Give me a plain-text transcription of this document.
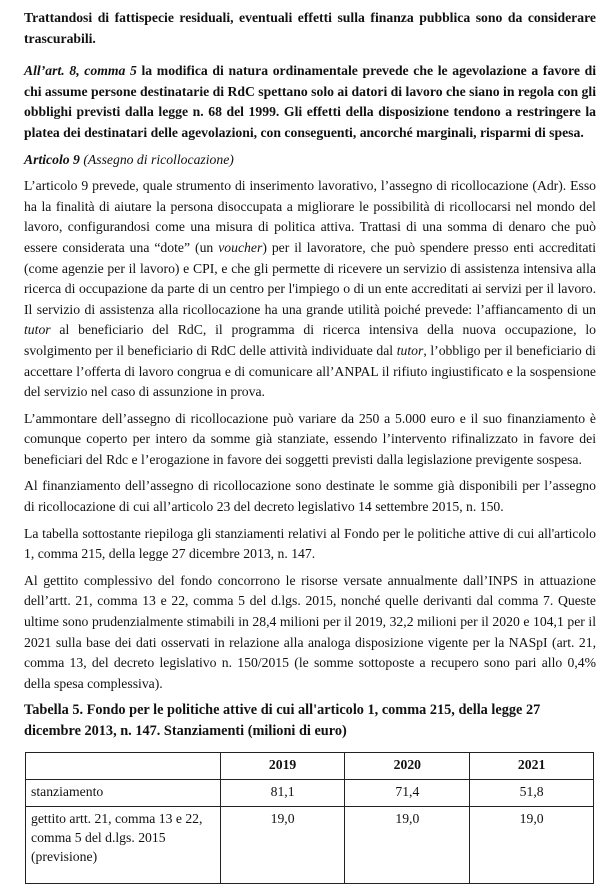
Trattandosi di fattispecie residuali, eventuali effetti sulla finanza pubblica sono da considerare trascurabili.

All’art. 8, comma 5 la modifica di natura ordinamentale prevede che le agevolazione a favore di chi assume persone destinatarie di RdC spettano solo ai datori di lavoro che siano in regola con gli obblighi previsti dalla legge n. 68 del 1999. Gli effetti della disposizione tendono a restringere la platea dei destinatari delle agevolazioni, con conseguenti, ancorché marginali, risparmi di spesa.

Articolo 9 (Assegno di ricollocazione)

L’articolo 9 prevede, quale strumento di inserimento lavorativo, l’assegno di ricollocazione (Adr). Esso ha la finalità di aiutare la persona disoccupata a migliorare le possibilità di ricollocarsi nel mondo del lavoro, configurandosi come una misura di politica attiva. Trattasi di una somma di denaro che può essere considerata una “dote” (un voucher) per il lavoratore, che può spendere presso enti accreditati (come agenzie per il lavoro) e CPI, e che gli permette di ricevere un servizio di assistenza intensiva alla ricerca di occupazione da parte di un centro per l'impiego o di un ente accreditati ai servizi per il lavoro. Il servizio di assistenza alla ricollocazione ha una grande utilità poiché prevede: l’affiancamento di un tutor al beneficiario del RdC, il programma di ricerca intensiva della nuova occupazione, lo svolgimento per il beneficiario di RdC delle attività individuate dal tutor, l’obbligo per il beneficiario di accettare l’offerta di lavoro congrua e di comunicare all’ANPAL il rifiuto ingiustificato e la sospensione del servizio nel caso di assunzione in prova.

L’ammontare dell’assegno di ricollocazione può variare da 250 a 5.000 euro e il suo finanziamento è comunque coperto per intero da somme già stanziate, essendo l’intervento rifinalizzato in favore dei beneficiari del Rdc e l’erogazione in favore dei soggetti previsti dalla legislazione previgente sospesa.

Al finanziamento dell’assegno di ricollocazione sono destinate le somme già disponibili per l’assegno di ricollocazione di cui all’articolo 23 del decreto legislativo 14 settembre 2015, n. 150.

La tabella sottostante riepiloga gli stanziamenti relativi al Fondo per le politiche attive di cui all'articolo 1, comma 215, della legge 27 dicembre 2013, n. 147.

Al gettito complessivo del fondo concorrono le risorse versate annualmente dall’INPS in attuazione dell’artt. 21, comma 13 e 22, comma 5 del d.lgs. 2015, nonché quelle derivanti dal comma 7. Queste ultime sono prudenzialmente stimabili in 28,4 milioni per il 2019, 32,2 milioni per il 2020 e 104,1 per il 2021 sulla base dei dati osservati in relazione alla analoga disposizione vigente per la NASpI (art. 21, comma 13, del decreto legislativo n. 150/2015 (le somme sottoposte a recupero sono pari allo 0,4% della spesa complessiva).

Tabella 5. Fondo per le politiche attive di cui all'articolo 1, comma 215, della legge 27 dicembre 2013, n. 147. Stanziamenti (milioni di euro)

	2019	2020	2021
stanziamento	81,1	71,4	51,8
gettito artt. 21, comma 13 e 22, comma 5 del d.lgs. 2015 (previsione)	19,0	19,0	19,0
